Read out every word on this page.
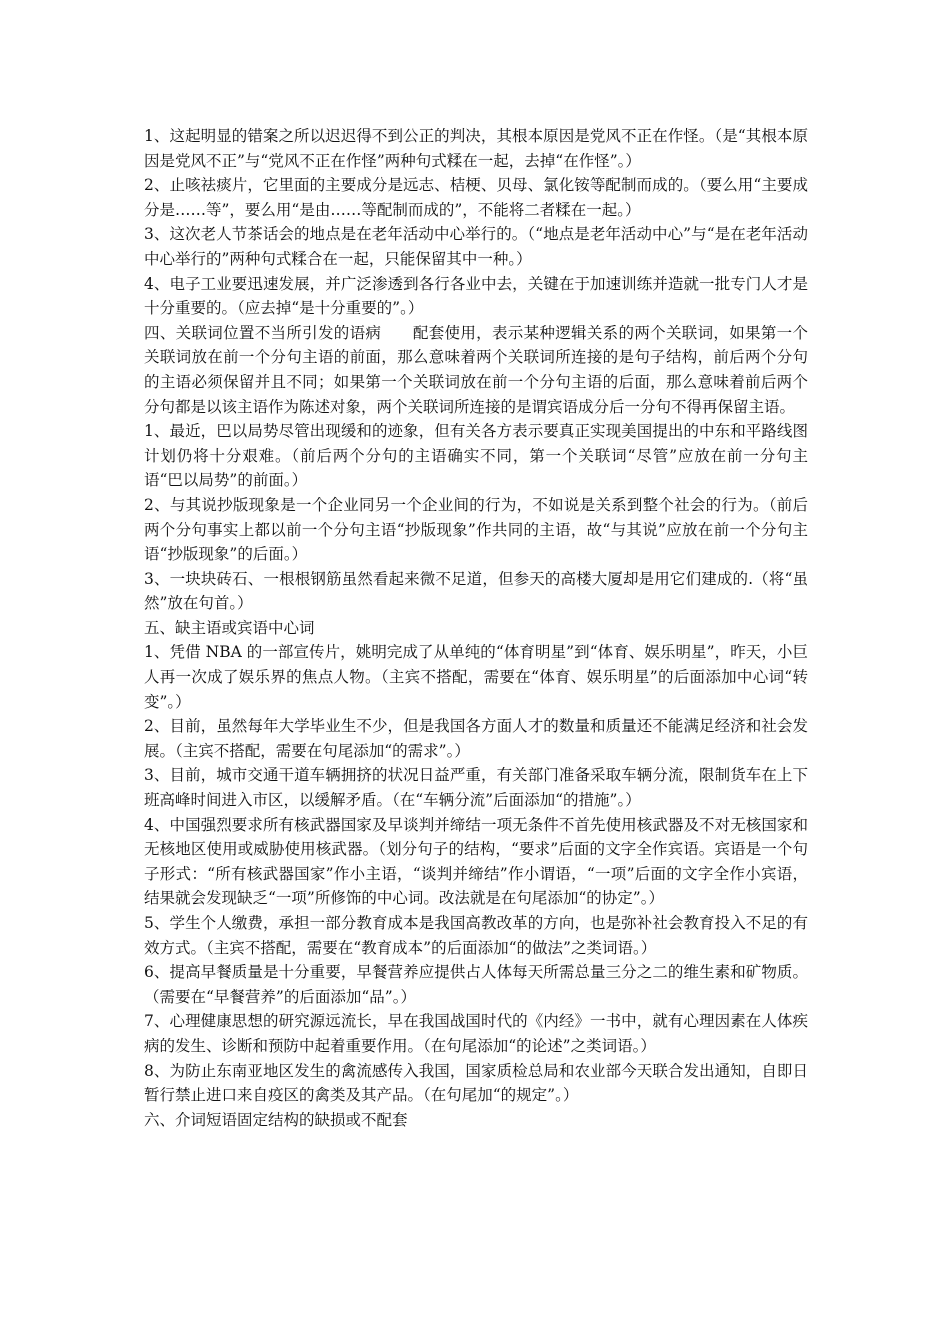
1、这起明显的错案之所以迟迟得不到公正的判决，其根本原因是党风不正在作怪。（是“其根本原因是党风不正”与“党风不正在作怪”两种句式糅在一起，去掉“在作怪”。）

2、止咳祛痰片，它里面的主要成分是远志、桔梗、贝母、氯化铵等配制而成的。（要么用“主要成分是……等”，要么用“是由……等配制而成的”，不能将二者糅在一起。）

3、这次老人节茶话会的地点是在老年活动中心举行的。（“地点是老年活动中心”与“是在老年活动中心举行的”两种句式糅合在一起，只能保留其中一种。）

4、电子工业要迅速发展，并广泛渗透到各行各业中去，关键在于加速训练并造就一批专门人才是十分重要的。（应去掉“是十分重要的”。）

四、关联词位置不当所引发的语病　　配套使用，表示某种逻辑关系的两个关联词，如果第一个关联词放在前一个分句主语的前面，那么意味着两个关联词所连接的是句子结构，前后两个分句的主语必须保留并且不同；如果第一个关联词放在前一个分句主语的后面，那么意味着前后两个分句都是以该主语作为陈述对象，两个关联词所连接的是谓宾语成分后一分句不得再保留主语。

1、最近，巴以局势尽管出现缓和的迹象，但有关各方表示要真正实现美国提出的中东和平路线图计划仍将十分艰难。（前后两个分句的主语确实不同，第一个关联词“尽管”应放在前一分句主语“巴以局势”的前面。）

2、与其说抄版现象是一个企业同另一个企业间的行为，不如说是关系到整个社会的行为。（前后两个分句事实上都以前一个分句主语“抄版现象”作共同的主语，故“与其说”应放在前一个分句主语“抄版现象”的后面。）

3、一块块砖石、一根根钢筋虽然看起来微不足道，但参天的高楼大厦却是用它们建成的.（将“虽然”放在句首。）

五、缺主语或宾语中心词

1、凭借 NBA 的一部宣传片，姚明完成了从单纯的“体育明星”到“体育、娱乐明星”，昨天，小巨人再一次成了娱乐界的焦点人物。（主宾不搭配，需要在“体育、娱乐明星”的后面添加中心词“转变”。）

2、目前，虽然每年大学毕业生不少，但是我国各方面人才的数量和质量还不能满足经济和社会发展。（主宾不搭配，需要在句尾添加“的需求”。）

3、目前，城市交通干道车辆拥挤的状况日益严重，有关部门准备采取车辆分流，限制货车在上下班高峰时间进入市区，以缓解矛盾。（在“车辆分流”后面添加“的措施”。）

4、中国强烈要求所有核武器国家及早谈判并缔结一项无条件不首先使用核武器及不对无核国家和无核地区使用或威胁使用核武器。（划分句子的结构，“要求”后面的文字全作宾语。宾语是一个句子形式：“所有核武器国家”作小主语，“谈判并缔结”作小谓语，“一项”后面的文字全作小宾语，结果就会发现缺乏“一项”所修饰的中心词。改法就是在句尾添加“的协定”。）

5、学生个人缴费，承担一部分教育成本是我国高教改革的方向，也是弥补社会教育投入不足的有效方式。（主宾不搭配，需要在“教育成本”的后面添加“的做法”之类词语。）

6、提高早餐质量是十分重要，早餐营养应提供占人体每天所需总量三分之二的维生素和矿物质。（需要在“早餐营养”的后面添加“品”。）

7、心理健康思想的研究源远流长，早在我国战国时代的《内经》一书中，就有心理因素在人体疾病的发生、诊断和预防中起着重要作用。（在句尾添加“的论述”之类词语。）

8、为防止东南亚地区发生的禽流感传入我国，国家质检总局和农业部今天联合发出通知，自即日暂行禁止进口来自疫区的禽类及其产品。（在句尾加“的规定”。）

六、介词短语固定结构的缺损或不配套
